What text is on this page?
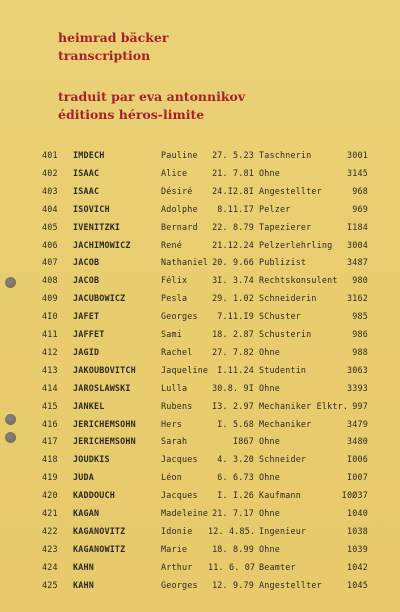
heimrad bäcker
transcription
traduit par eva antonnikov
éditions héros-limite
401 IMDECH	Pauline	27. 5.23 Taschnerin	3001
402 ISAAC	Alice	21. 7.81 Ohne	3145
403 ISAAC	Désiré	24.I2.8I Angestellter	968
404 ISOVICH	Adolphe	8.11.I7 Pelzer	969
405 IVENITZKI	Bernard	22. 8.79 Tapezierer	I184
406 JACHIMOWICZ	René	21.12.24 Pelzerlehrling	3004
407 JACOB	Nathaniel 20. 9.66 Publizist	3487
408 JACOB	Félix	3I. 3.74 Rechtskonsulent	980
409 JACUBOWICZ	Pesla	29. 1.02 Schneiderin	3162
4I0 JAFET	Georges	7.11.I9 SChuster	985
411 JAFFET	Sami	18. 2.87 Schusterin	986
412 JAGID	Rachel	27. 7.82 Ohne	988
413 JAKOUBOVITCH	Jaqueline	I.11.24 Studentin	3063
414 JAROSLAWSKI	Lulla	30.8. 9I Ohne	3393
415 JANKEL	Rubens	I3. 2.97 Mechaniker Elktr. 997
416 JERICHEMSOHN	Hers	I. 5.68 Mechaniker	3479
417 JERICHEMSOHN	Sarah	I867 Ohne	3480
418 JOUDKIS	Jacques	4. 3.20 Schneider	I006
419 JUDA	Léon	6. 6.73 Ohne	I007
420 KADDOUCH	Jacques	I. I.26 Kaufmann	I0Ø37
421 KAGAN	Madeleine 21. 7.17 Ohne	1040
422 KAGANOVITZ	Idonie 12. 4.85. Ingenieur	1038
423 KAGANOWITZ	Marie	18. 8.99 Ohne	1039
424 KAHN	Arthur 11. 6. 07 Beamter	1042
425 KAHN	Georges	12. 9.79 Angestellter	1045
